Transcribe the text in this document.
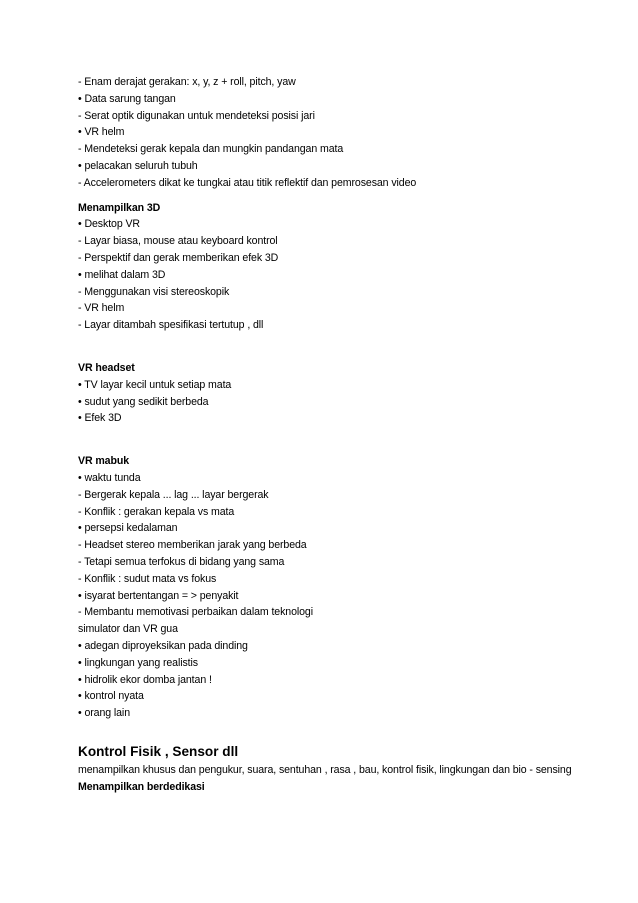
- Enam derajat gerakan: x, y, z + roll, pitch, yaw
• Data sarung tangan
- Serat optik digunakan untuk mendeteksi posisi jari
• VR helm
- Mendeteksi gerak kepala dan mungkin pandangan mata
• pelacakan seluruh tubuh
- Accelerometers dikat ke tungkai atau titik reflektif dan pemrosesan video
Menampilkan 3D
• Desktop VR
- Layar biasa, mouse atau keyboard kontrol
- Perspektif dan gerak memberikan efek 3D
• melihat dalam 3D
- Menggunakan visi stereoskopik
- VR helm
- Layar ditambah spesifikasi tertutup , dll
VR headset
• TV layar kecil untuk setiap mata
• sudut yang sedikit berbeda
• Efek 3D
VR mabuk
• waktu tunda
- Bergerak kepala ... lag ... layar bergerak
- Konflik : gerakan kepala vs mata
• persepsi kedalaman
- Headset stereo memberikan jarak yang berbeda
- Tetapi semua terfokus di bidang yang sama
- Konflik : sudut mata vs fokus
• isyarat bertentangan = > penyakit
- Membantu memotivasi perbaikan dalam teknologi
simulator dan VR gua
• adegan diproyeksikan pada dinding
• lingkungan yang realistis
• hidrolik ekor domba jantan !
• kontrol nyata
• orang lain
Kontrol Fisik , Sensor dll
menampilkan khusus dan pengukur, suara, sentuhan , rasa , bau, kontrol fisik, lingkungan dan bio - sensing
Menampilkan berdedikasi
